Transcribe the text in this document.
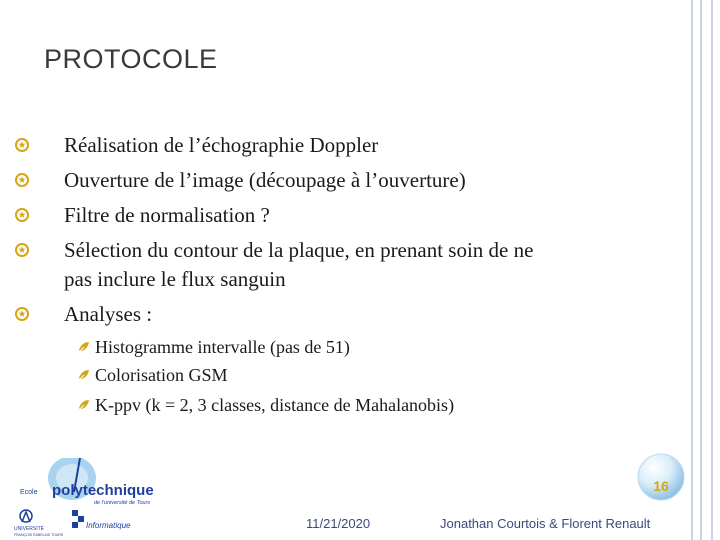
PROTOCOLE
Réalisation de l’échographie Doppler
Ouverture de l’image (découpage à l’ouverture)
Filtre de normalisation ?
Sélection du contour de la plaque, en prenant soin de ne
pas inclure le flux sanguin
Analyses :
Histogramme intervalle (pas de 51)
Colorisation GSM
K-ppv (k = 2, 3 classes, distance de Mahalanobis)
Ecole polytechnique
de l'université de Tours
UNIVERSITÉ
FRANÇOIS RABELAIS TOURS
Informatique
16
11/21/2020	Jonathan Courtois & Florent Renault
